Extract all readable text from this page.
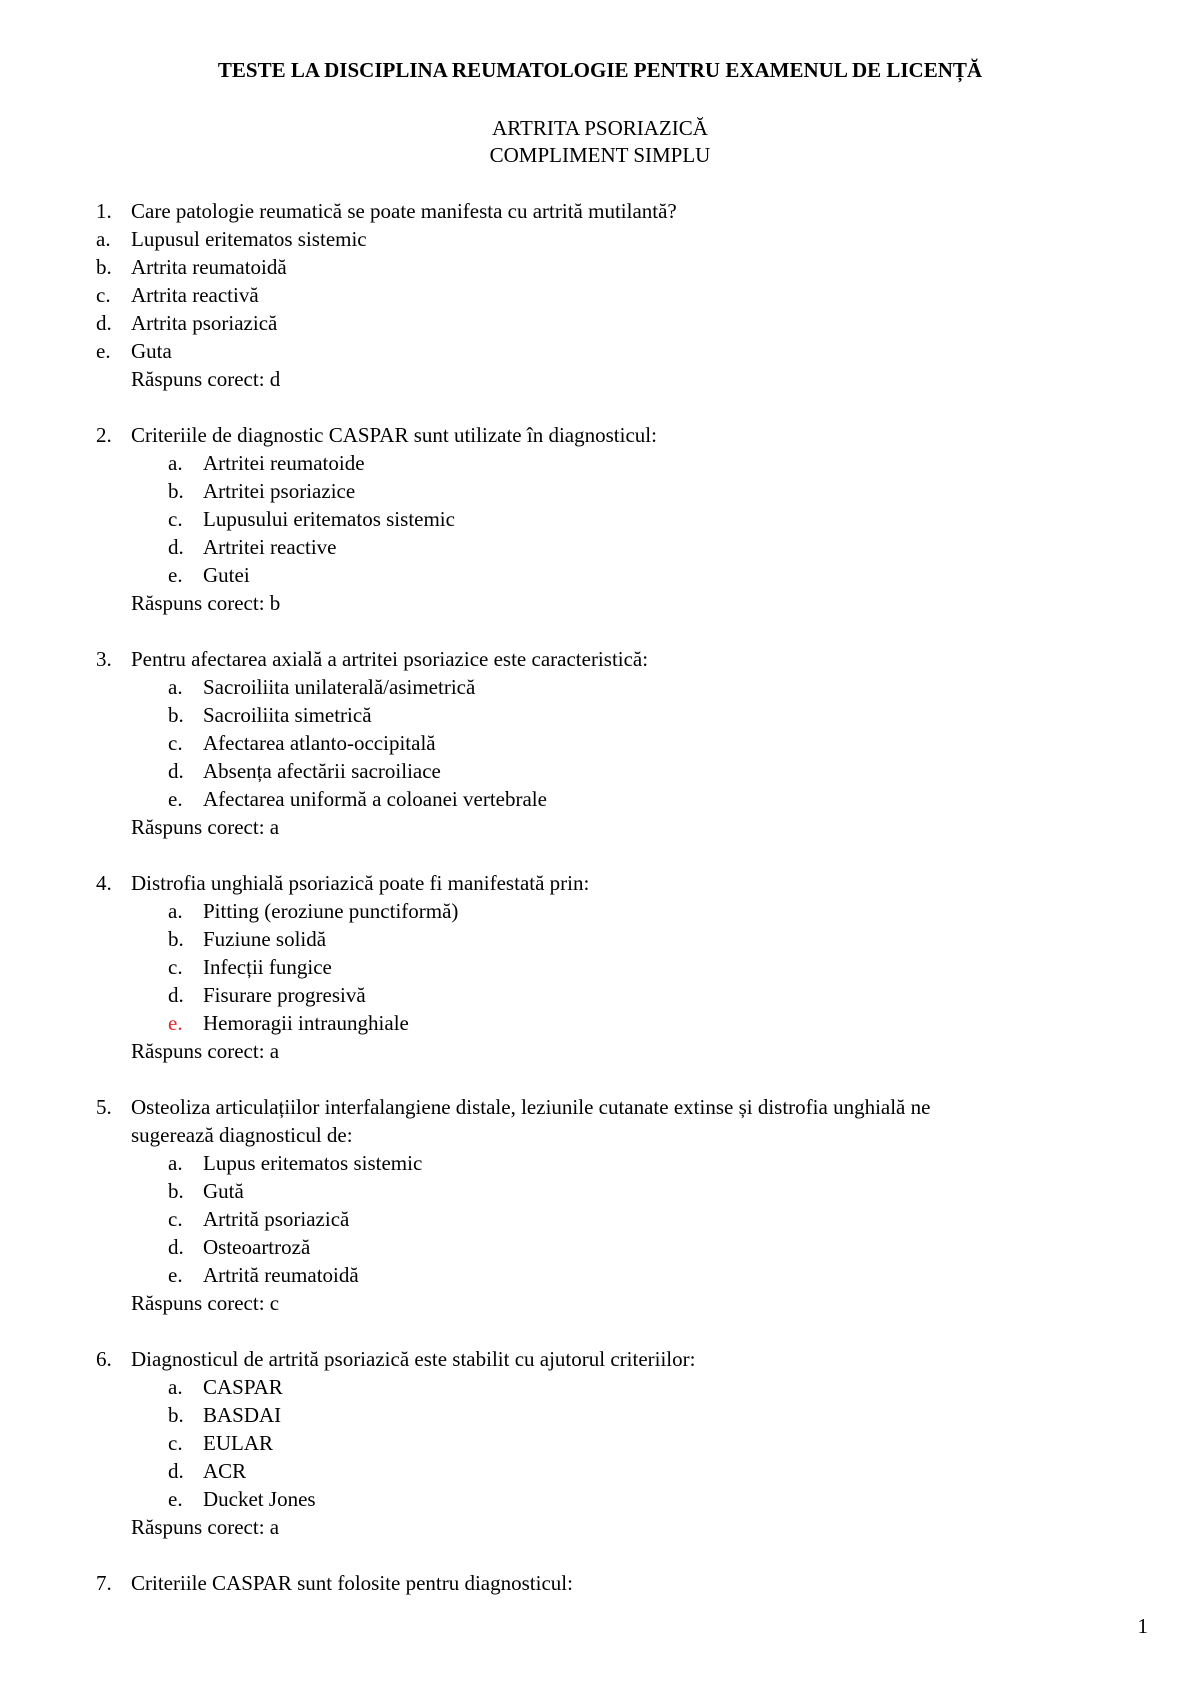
TESTE LA DISCIPLINA REUMATOLOGIE PENTRU EXAMENUL DE LICENȚĂ
ARTRITA PSORIAZICĂ
COMPLIMENT SIMPLU
1. Care patologie reumatică se poate manifesta cu artrită mutilantă?
a. Lupusul eritematos sistemic
b. Artrita reumatoidă
c. Artrita reactivă
d. Artrita psoriazică
e. Guta
Răspuns corect: d
2. Criteriile de diagnostic CASPAR sunt utilizate în diagnosticul:
a. Artritei reumatoide
b. Artritei psoriazice
c. Lupusului eritematos sistemic
d. Artritei reactive
e. Gutei
Răspuns corect: b
3. Pentru afectarea axială a artritei psoriazice este caracteristică:
a. Sacroiliita unilaterală/asimetrică
b. Sacroiliita simetrică
c. Afectarea atlanto-occipitală
d. Absența afectării sacroiliace
e. Afectarea uniformă a coloanei vertebrale
Răspuns corect: a
4. Distrofia unghială psoriazică poate fi manifestată prin:
a. Pitting (eroziune punctiformă)
b. Fuziune solidă
c. Infecții fungice
d. Fisurare progresivă
e. Hemoragii intraunghiale
Răspuns corect: a
5. Osteoliza articulațiilor interfalangiene distale, leziunile cutanate extinse și distrofia unghială ne
sugerează diagnosticul de:
a. Lupus eritematos sistemic
b. Gută
c. Artrită psoriazică
d. Osteoartroză
e. Artrită reumatoidă
Răspuns corect: c
6. Diagnosticul de artrită psoriazică este stabilit cu ajutorul criteriilor:
a. CASPAR
b. BASDAI
c. EULAR
d. ACR
e. Ducket Jones
Răspuns corect: a
7. Criteriile CASPAR sunt folosite pentru diagnosticul:
1
